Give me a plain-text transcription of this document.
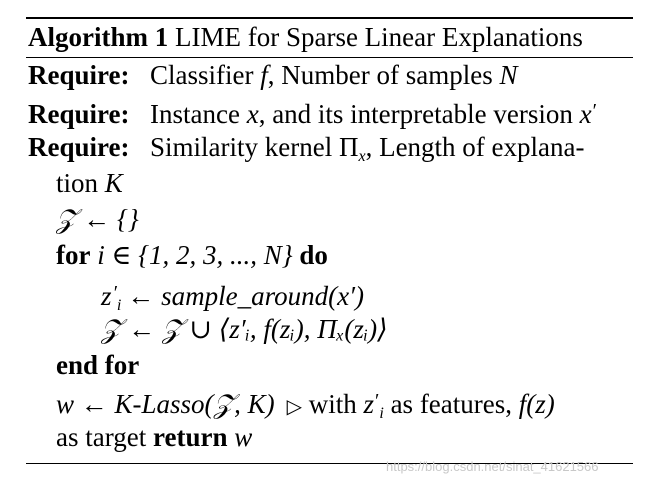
Algorithm 1 LIME for Sparse Linear Explanations
Require: Classifier f, Number of samples N
Require: Instance x, and its interpretable version x′
Require: Similarity kernel $\Pi_x$, Length of explana-
tion K
𝒵 ← {}
for i ∈ {1, 2, 3, ..., N} do
$z'_i$ ← sample_around(x′)
𝒵 ← 𝒵 ∪ ⟨z′ᵢ, f(zᵢ), Πₓ(zᵢ)⟩
end for
w ← K-Lasso(𝒵, K) ▷ with $z'_i$ as features, f(z)
as target return w
https://blog.csdn.net/sinat_41621566
